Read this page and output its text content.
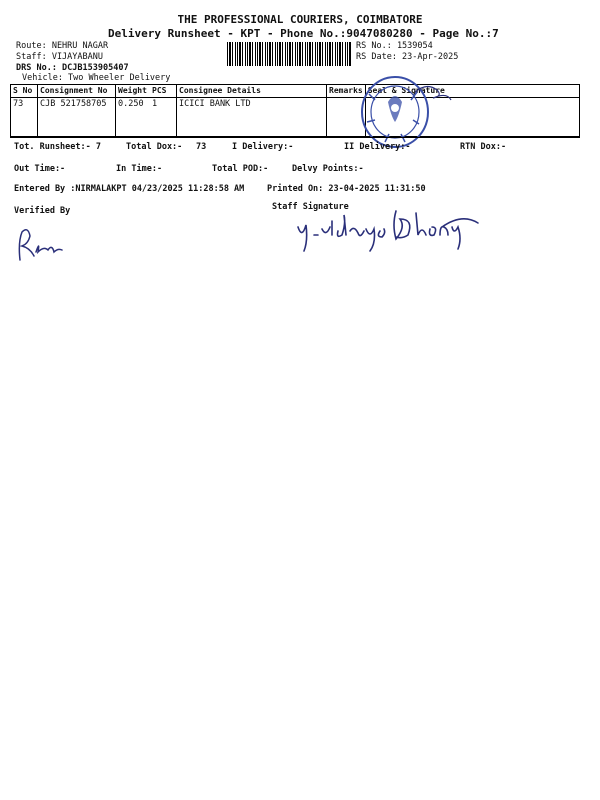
THE PROFESSIONAL COURIERS, COIMBATORE
Delivery Runsheet - KPT - Phone No.:9047080280 - Page No.:7
Route: NEHRU NAGAR
Staff: VIJAYABANU
DRS No.: DCJB153905407
Vehicle: Two Wheeler Delivery
RS No.: 1539054
RS Date: 23-Apr-2025
S No	Consignment No	Weight	PCS	Consignee Details	Remarks	Seal & Signature
73	CJB 521758705	0.250	1	ICICI BANK LTD		
Tot. Runsheet:- 7	Total Dox:- 73	I Delivery:-	II Delivery:-	RTN Dox:-
Out Time:-	In Time:-	Total POD:-	Delvy Points:-
Entered By :NIRMALAKPT 04/23/2025 11:28:58 AM	Printed On: 23-04-2025 11:31:50
Verified By	Staff Signature
